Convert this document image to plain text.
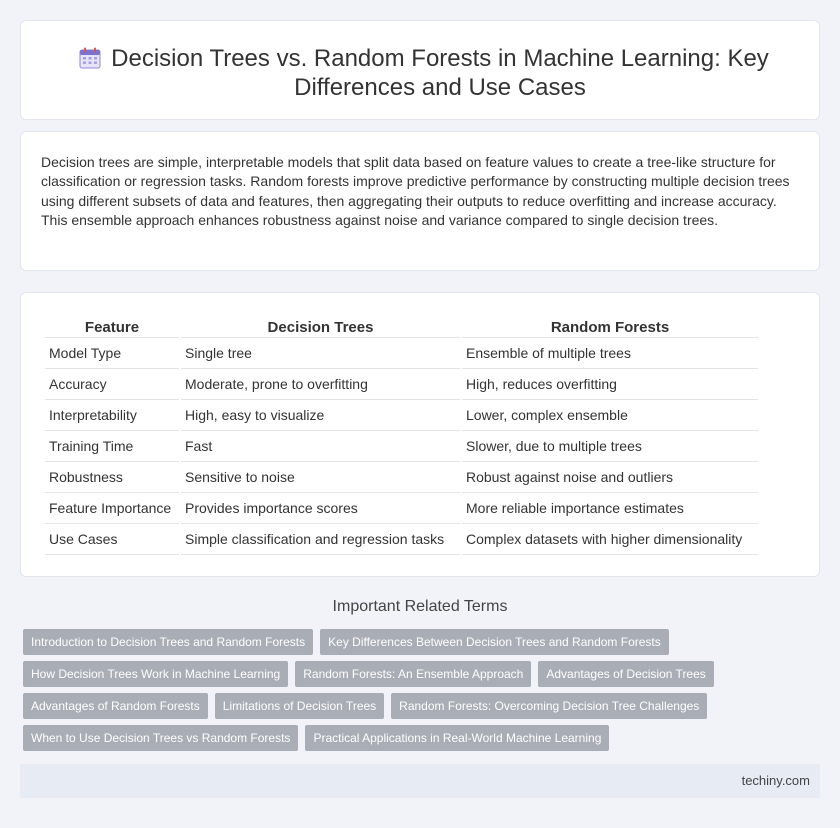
Decision Trees vs. Random Forests in Machine Learning: Key Differences and Use Cases

Decision trees are simple, interpretable models that split data based on feature values to create a tree-like structure for classification or regression tasks. Random forests improve predictive performance by constructing multiple decision trees using different subsets of data and features, then aggregating their outputs to reduce overfitting and increase accuracy. This ensemble approach enhances robustness against noise and variance compared to single decision trees.

Feature	Decision Trees	Random Forests
Model Type	Single tree	Ensemble of multiple trees
Accuracy	Moderate, prone to overfitting	High, reduces overfitting
Interpretability	High, easy to visualize	Lower, complex ensemble
Training Time	Fast	Slower, due to multiple trees
Robustness	Sensitive to noise	Robust against noise and outliers
Feature Importance	Provides importance scores	More reliable importance estimates
Use Cases	Simple classification and regression tasks	Complex datasets with higher dimensionality
Important Related Terms
Introduction to Decision Trees and Random Forests	Key Differences Between Decision Trees and Random Forests
How Decision Trees Work in Machine Learning	Random Forests: An Ensemble Approach	Advantages of Decision Trees
Advantages of Random Forests	Limitations of Decision Trees	Random Forests: Overcoming Decision Tree Challenges
When to Use Decision Trees vs Random Forests	Practical Applications in Real-World Machine Learning
techiny.com
